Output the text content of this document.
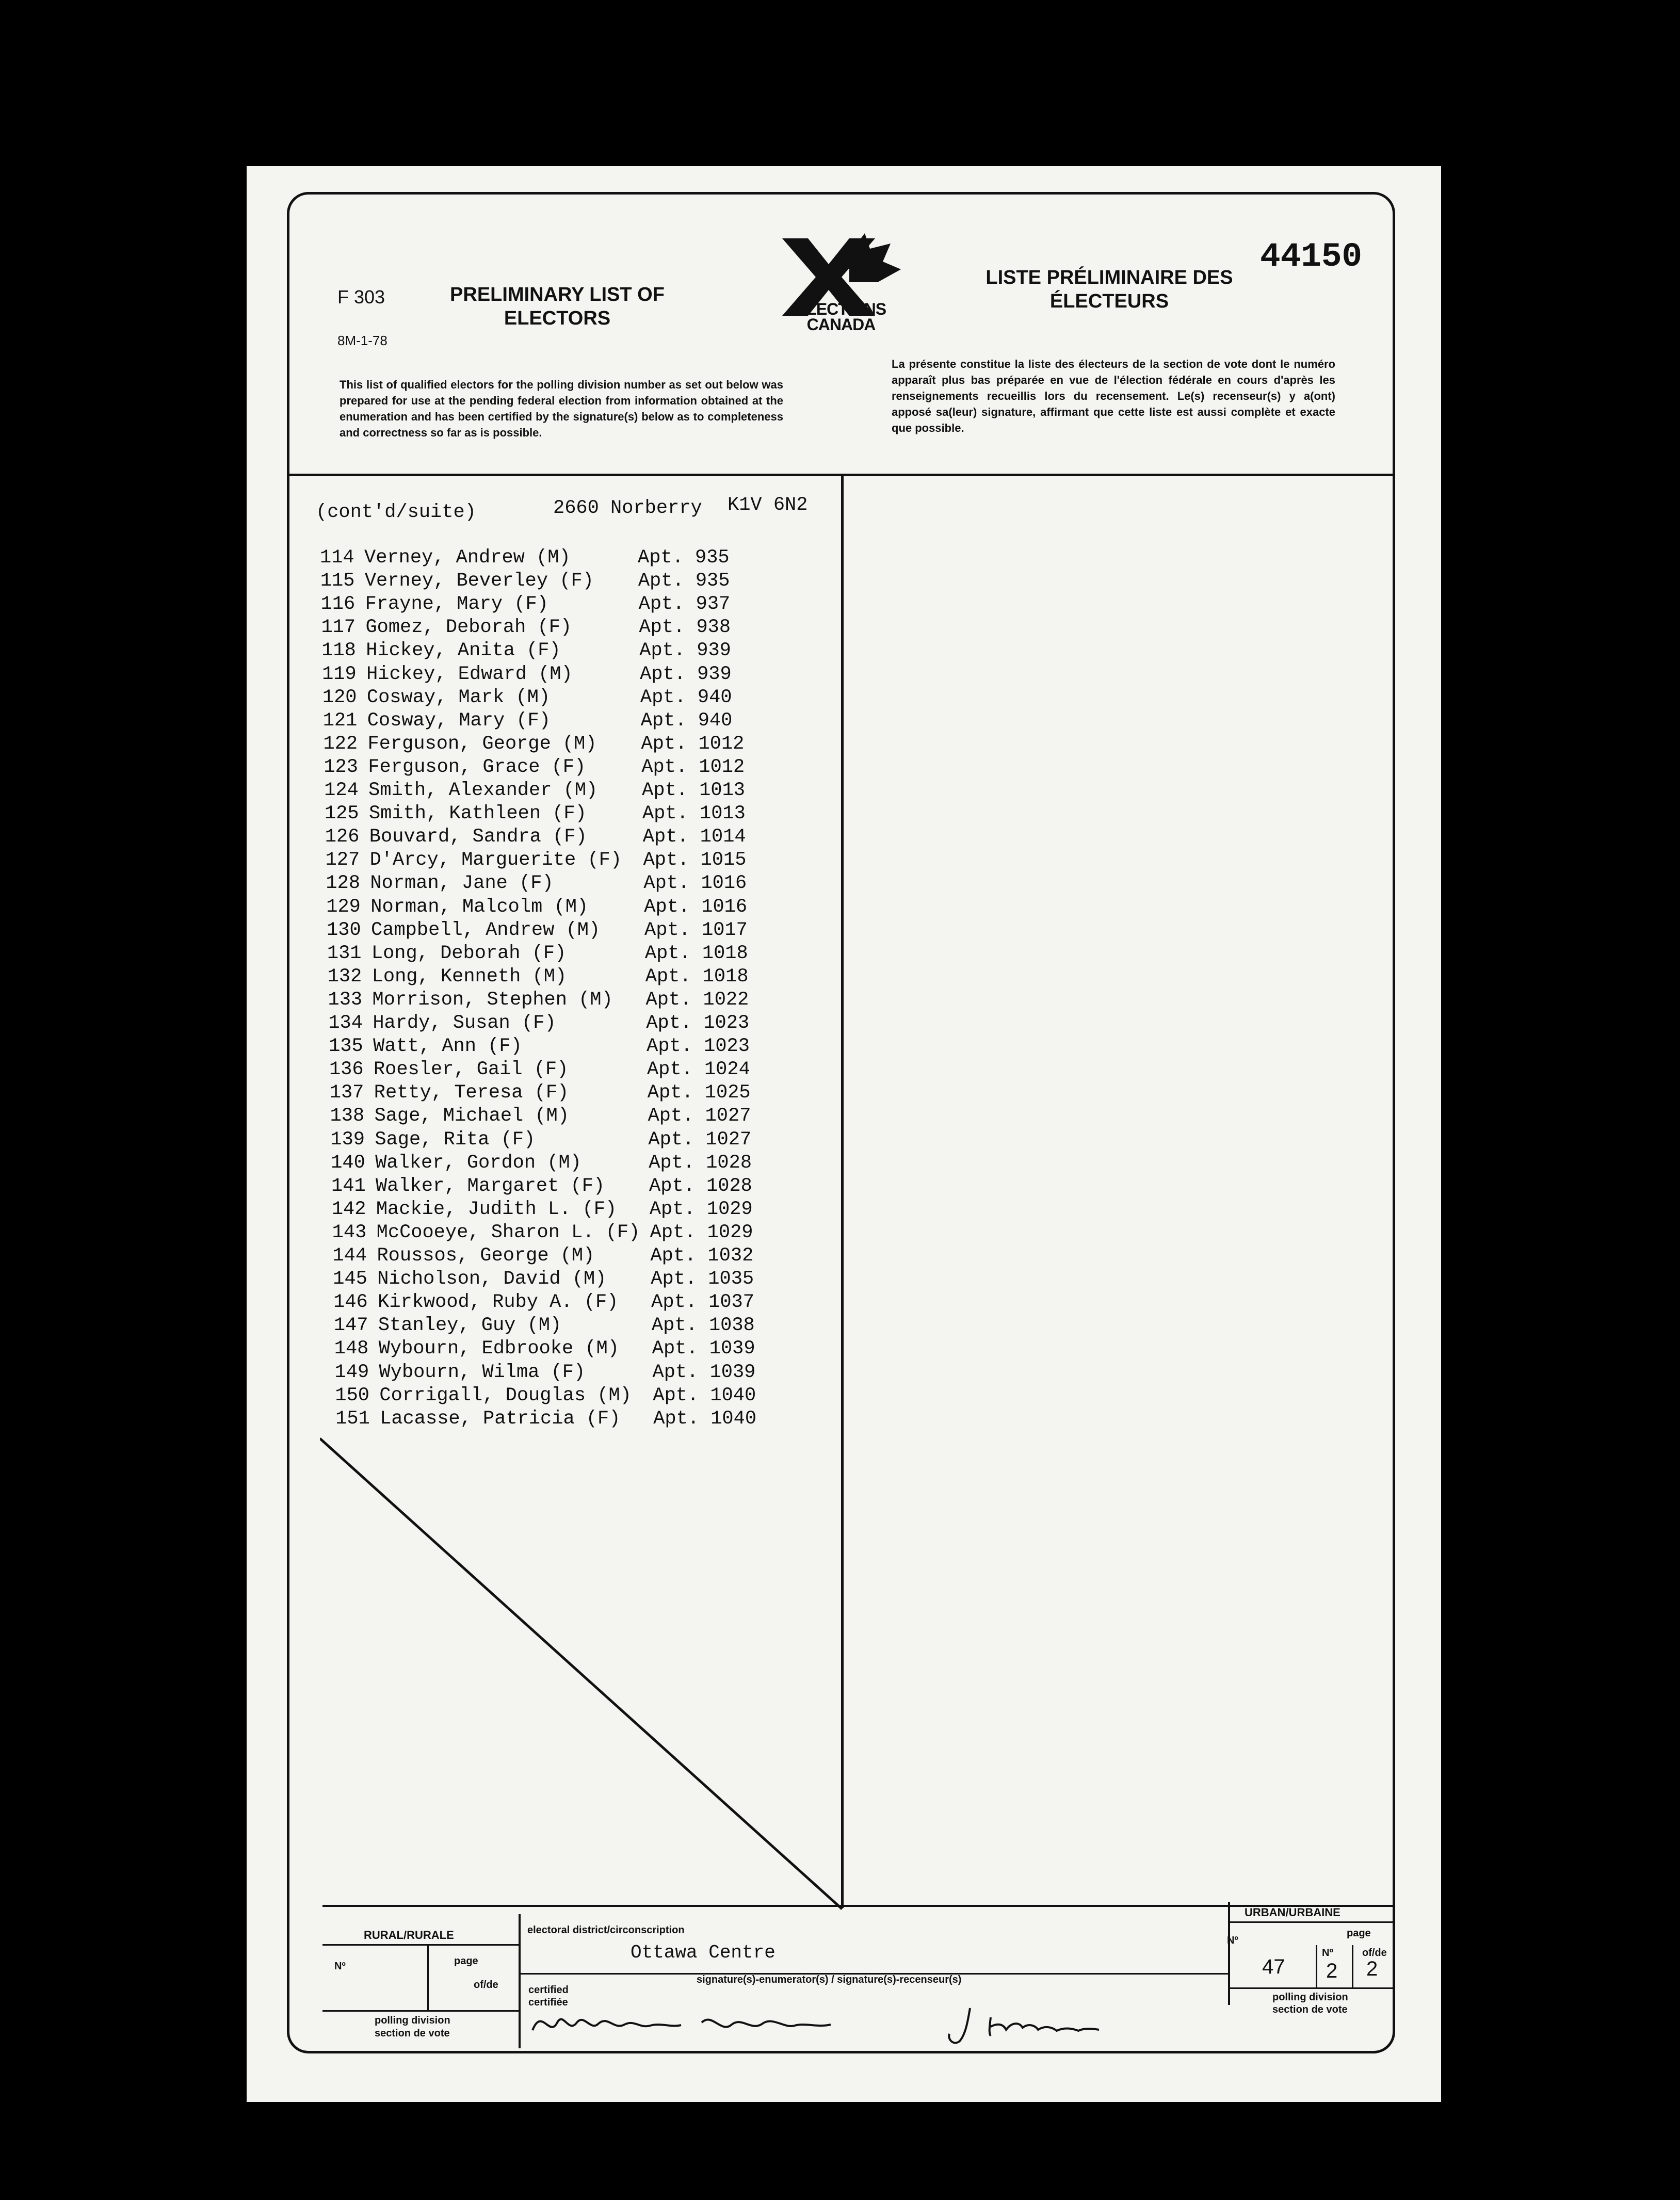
44150
F 303
8M-1-78
PRELIMINARY LIST OF ELECTORS
LISTE PRÉLIMINAIRE DES ÉLECTEURS
ELECTIONS
CANADA
This list of qualified electors for the polling division number as set out below was prepared for use at the pending federal election from information obtained at the enumeration and has been certified by the signature(s) below as to completeness and correctness so far as is possible.
La présente constitue la liste des électeurs de la section de vote dont le numéro apparaît plus bas préparée en vue de l'élection fédérale en cours d'après les renseignements recueillis lors du recensement. Le(s) recenseur(s) y a(ont) apposé sa(leur) signature, affirmant que cette liste est aussi complète et exacte que possible.
(cont'd/suite)	2660 Norberry K1V 6N2
114 Verney, Andrew (M)	Apt. 935
115 Verney, Beverley (F) Apt. 935
116 Frayne, Mary (F)	Apt. 937
117 Gomez, Deborah (F)	Apt. 938
118 Hickey, Anita (F)	Apt. 939
119 Hickey, Edward (M)	Apt. 939
120 Cosway, Mark (M)	Apt. 940
121 Cosway, Mary (F)	Apt. 940
122 Ferguson, George (M) Apt. 1012
123 Ferguson, Grace (F)	Apt. 1012
124 Smith, Alexander (M) Apt. 1013
125 Smith, Kathleen (F)	Apt. 1013
126 Bouvard, Sandra (F)	Apt. 1014
127 D'Arcy, Marguerite (F) Apt. 1015
128 Norman, Jane (F)	Apt. 1016
129 Norman, Malcolm (M)	Apt. 1016
130 Campbell, Andrew (M) Apt. 1017
131 Long, Deborah (F)	Apt. 1018
132 Long, Kenneth (M)	Apt. 1018
133 Morrison, Stephen (M) Apt. 1022
134 Hardy, Susan (F)	Apt. 1023
135 Watt, Ann (F)	Apt. 1023
136 Roesler, Gail (F)	Apt. 1024
137 Retty, Teresa (F)	Apt. 1025
138 Sage, Michael (M)	Apt. 1027
139 Sage, Rita (F)	Apt. 1027
140 Walker, Gordon (M)	Apt. 1028
141 Walker, Margaret (F) Apt. 1028
142 Mackie, Judith L. (F) Apt. 1029
143 McCooeye, Sharon L. (F) Apt. 1029
144 Roussos, George (M)	Apt. 1032
145 Nicholson, David (M) Apt. 1035
146 Kirkwood, Ruby A. (F) Apt. 1037
147 Stanley, Guy (M)	Apt. 1038
148 Wybourn, Edbrooke (M) Apt. 1039
149 Wybourn, Wilma (F)	Apt. 1039
150 Corrigall, Douglas (M) Apt. 1040
151 Lacasse, Patricia (F) Apt. 1040
RURAL/RURALE
Nº	page
of/de
polling division
section de vote
electoral district/circonscription
Ottawa Centre
certified
certifiée
signature(s)-enumerator(s) / signature(s)-recenseur(s)
URBAN/URBAINE
Nº
page
47
Nº
2
of/de
2
polling division
section de vote
